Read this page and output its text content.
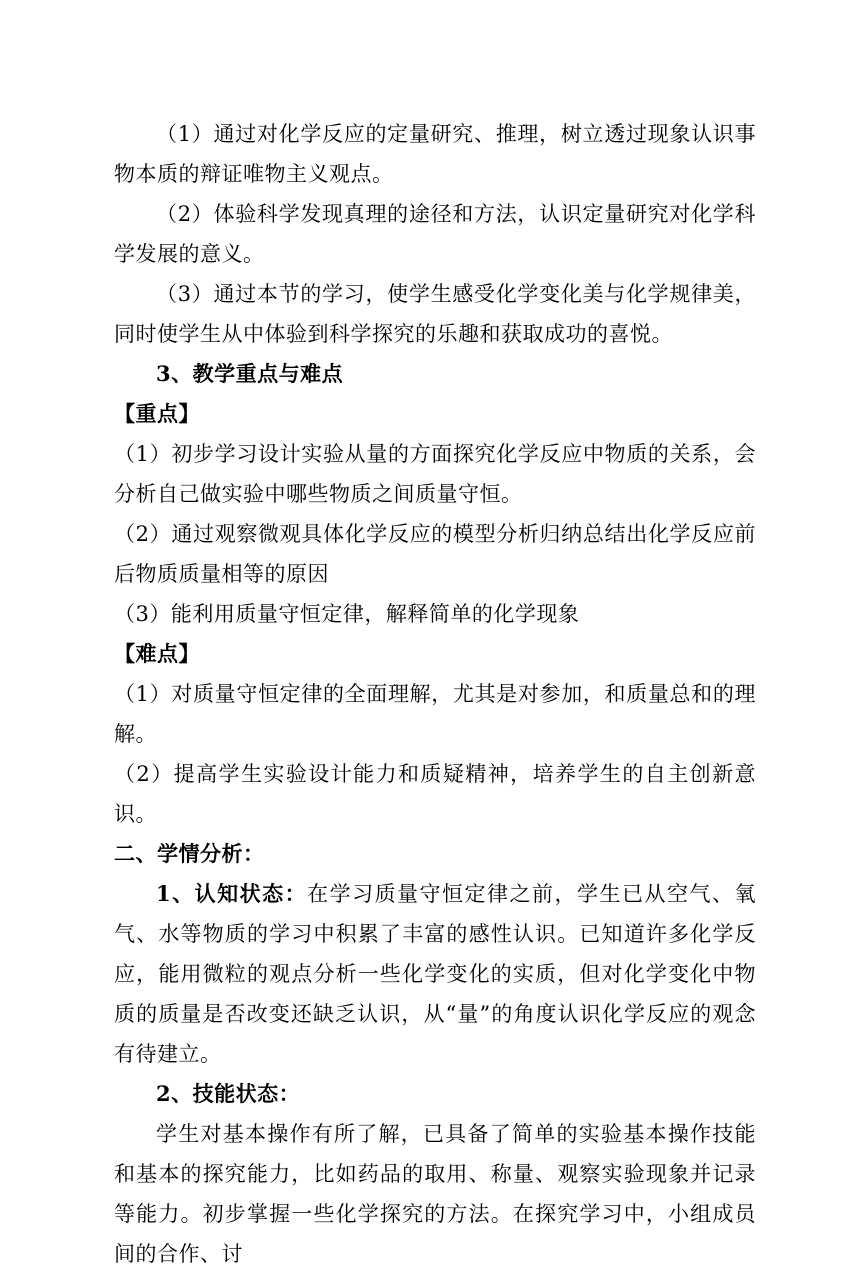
（1）通过对化学反应的定量研究、推理，树立透过现象认识事物本质的辩证唯物主义观点。

（2）体验科学发现真理的途径和方法，认识定量研究对化学科学发展的意义。

（3）通过本节的学习，使学生感受化学变化美与化学规律美，同时使学生从中体验到科学探究的乐趣和获取成功的喜悦。

3、教学重点与难点

【重点】

（1）初步学习设计实验从量的方面探究化学反应中物质的关系，会分析自己做实验中哪些物质之间质量守恒。

（2）通过观察微观具体化学反应的模型分析归纳总结出化学反应前后物质质量相等的原因

（3）能利用质量守恒定律，解释简单的化学现象

【难点】

（1）对质量守恒定律的全面理解，尤其是对参加，和质量总和的理解。

（2）提高学生实验设计能力和质疑精神，培养学生的自主创新意识。

二、学情分析：

1、认知状态：在学习质量守恒定律之前，学生已从空气、氧气、水等物质的学习中积累了丰富的感性认识。已知道许多化学反应，能用微粒的观点分析一些化学变化的实质，但对化学变化中物质的质量是否改变还缺乏认识，从“量”的角度认识化学反应的观念有待建立。

2、技能状态：

学生对基本操作有所了解，已具备了简单的实验基本操作技能和基本的探究能力，比如药品的取用、称量、观察实验现象并记录等能力。初步掌握一些化学探究的方法。在探究学习中，小组成员间的合作、讨
